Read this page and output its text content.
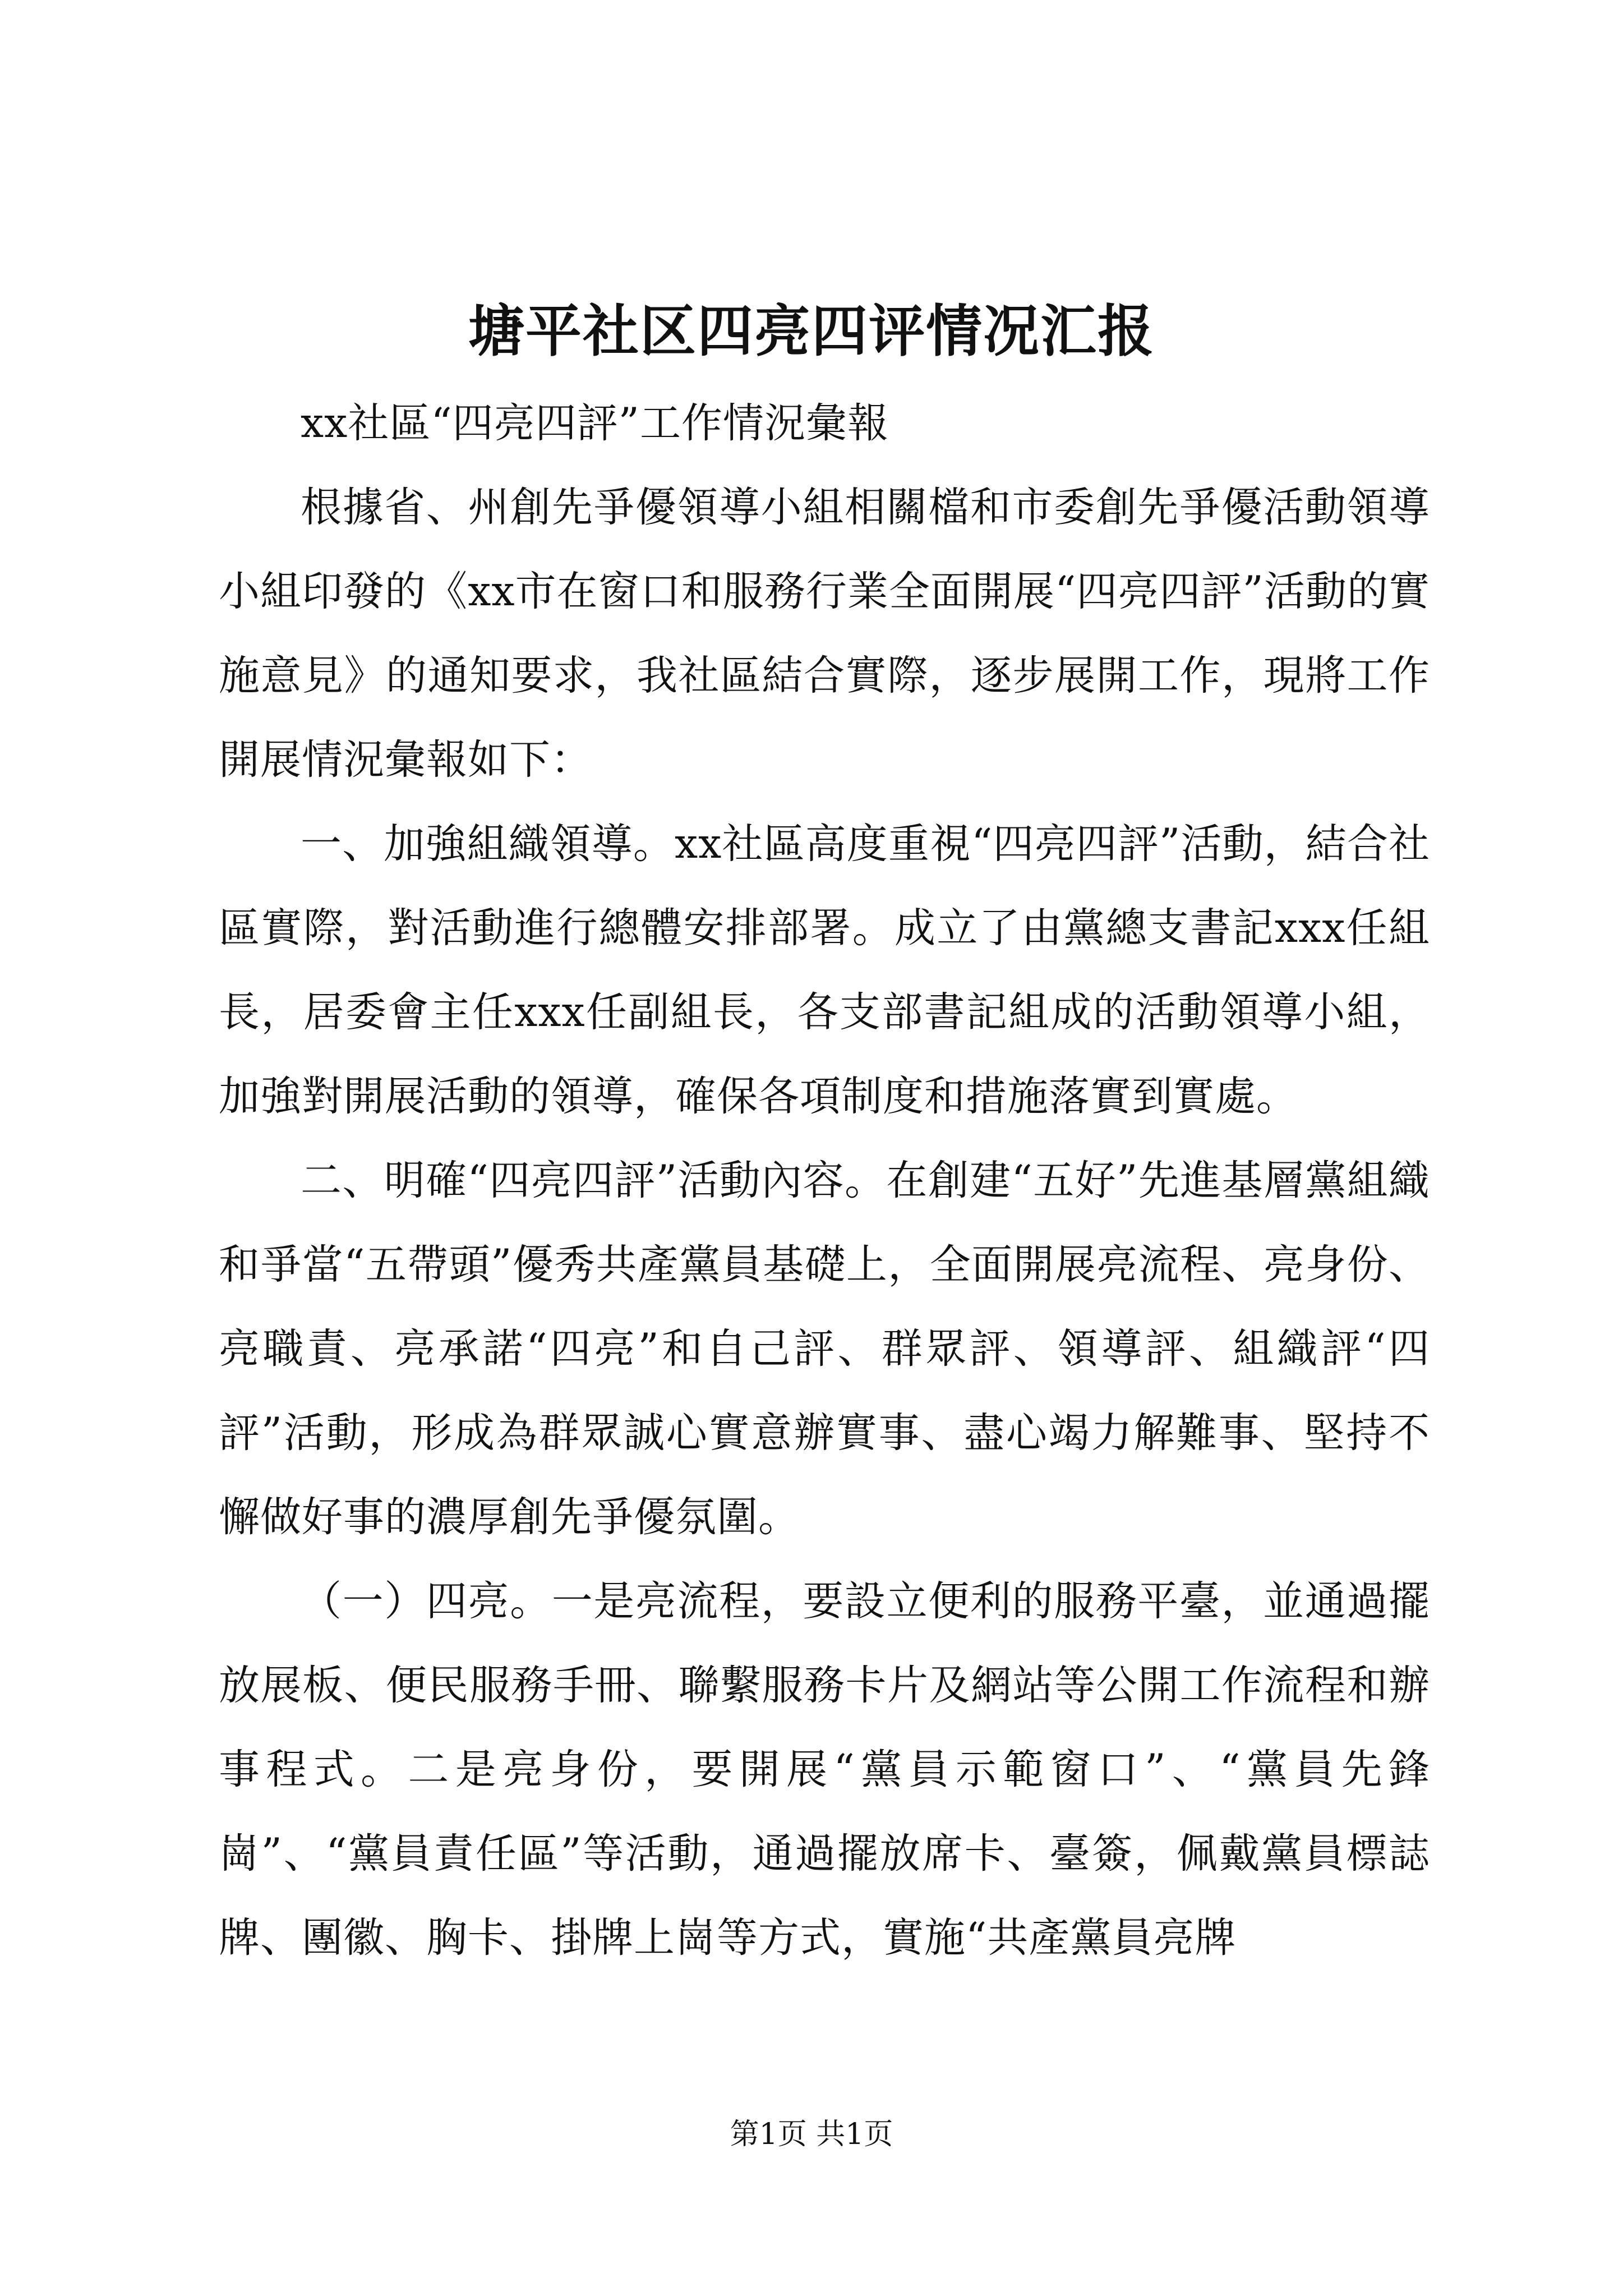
塘平社区四亮四评情况汇报

xx社區“四亮四評”工作情況彙報

根據省、州創先爭優領導小組相關檔和市委創先爭優活動領導小組印發的《xx市在窗口和服務行業全面開展“四亮四評”活動的實施意見》的通知要求，我社區結合實際，逐步展開工作，現將工作開展情況彙報如下：

一、加強組織領導。xx社區高度重視“四亮四評”活動，結合社區實際，對活動進行總體安排部署。成立了由黨總支書記xxx任組長，居委會主任xxx任副組長，各支部書記組成的活動領導小組，加強對開展活動的領導，確保各項制度和措施落實到實處。

二、明確“四亮四評”活動內容。在創建“五好”先進基層黨組織和爭當“五帶頭”優秀共產黨員基礎上，全面開展亮流程、亮身份、亮職責、亮承諾“四亮”和自己評、群眾評、領導評、組織評“四評”活動，形成為群眾誠心實意辦實事、盡心竭力解難事、堅持不懈做好事的濃厚創先爭優氛圍。

（一）四亮。一是亮流程，要設立便利的服務平臺，並通過擺放展板、便民服務手冊、聯繫服務卡片及網站等公開工作流程和辦事程式。二是亮身份，要開展“黨員示範窗口”、“黨員先鋒崗”、“黨員責任區”等活動，通過擺放席卡、臺簽，佩戴黨員標誌牌、團徽、胸卡、掛牌上崗等方式，實施“共產黨員亮牌

第1页 共1页
